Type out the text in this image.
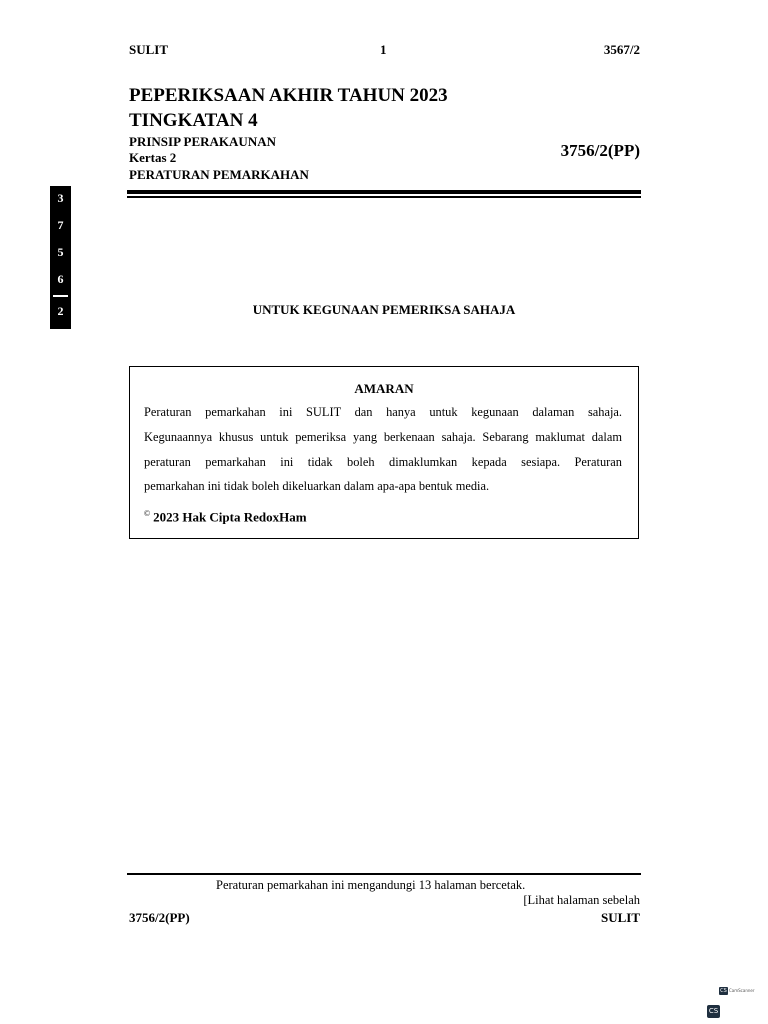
SULIT	1	3567/2
PEPERIKSAAN AKHIR TAHUN 2023
TINGKATAN 4
PRINSIP PERAKAUNAN
Kertas 2
PERATURAN PEMARKAHAN
3756/2(PP)
3
7
5
6
2	UNTUK KEGUNAAN PEMERIKSA SAHAJA
AMARAN
Peraturan pemarkahan ini SULIT dan hanya untuk kegunaan dalaman sahaja.
Kegunaannya khusus untuk pemeriksa yang berkenaan sahaja. Sebarang maklumat dalam
peraturan pemarkahan ini tidak boleh dimaklumkan kepada sesiapa. Peraturan
pemarkahan ini tidak boleh dikeluarkan dalam apa-apa bentuk media.
© 2023 Hak Cipta RedoxHam
Peraturan pemarkahan ini mengandungi 13 halaman bercetak.
[Lihat halaman sebelah
3756/2(PP)	SULIT
CS CamScanner
CS
